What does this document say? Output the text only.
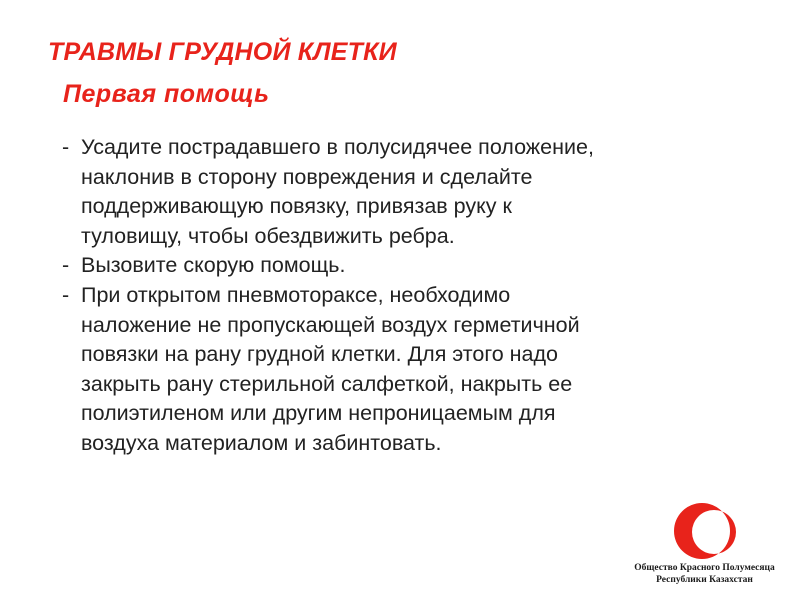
ТРАВМЫ ГРУДНОЙ КЛЕТКИ
Первая помощь
- Усадите пострадавшего в полусидячее положение,
наклонив в сторону повреждения и сделайте
поддерживающую повязку, привязав руку к
туловищу, чтобы обездвижить ребра.
- Вызовите скорую помощь.
- При открытом пневмотораксе, необходимо
наложение не пропускающей воздух герметичной
повязки на рану грудной клетки. Для этого надо
закрыть рану стерильной салфеткой, накрыть ее
полиэтиленом или другим непроницаемым для
воздуха материалом и забинтовать.
Общество Красного Полумесяца
Республики Казахстан
